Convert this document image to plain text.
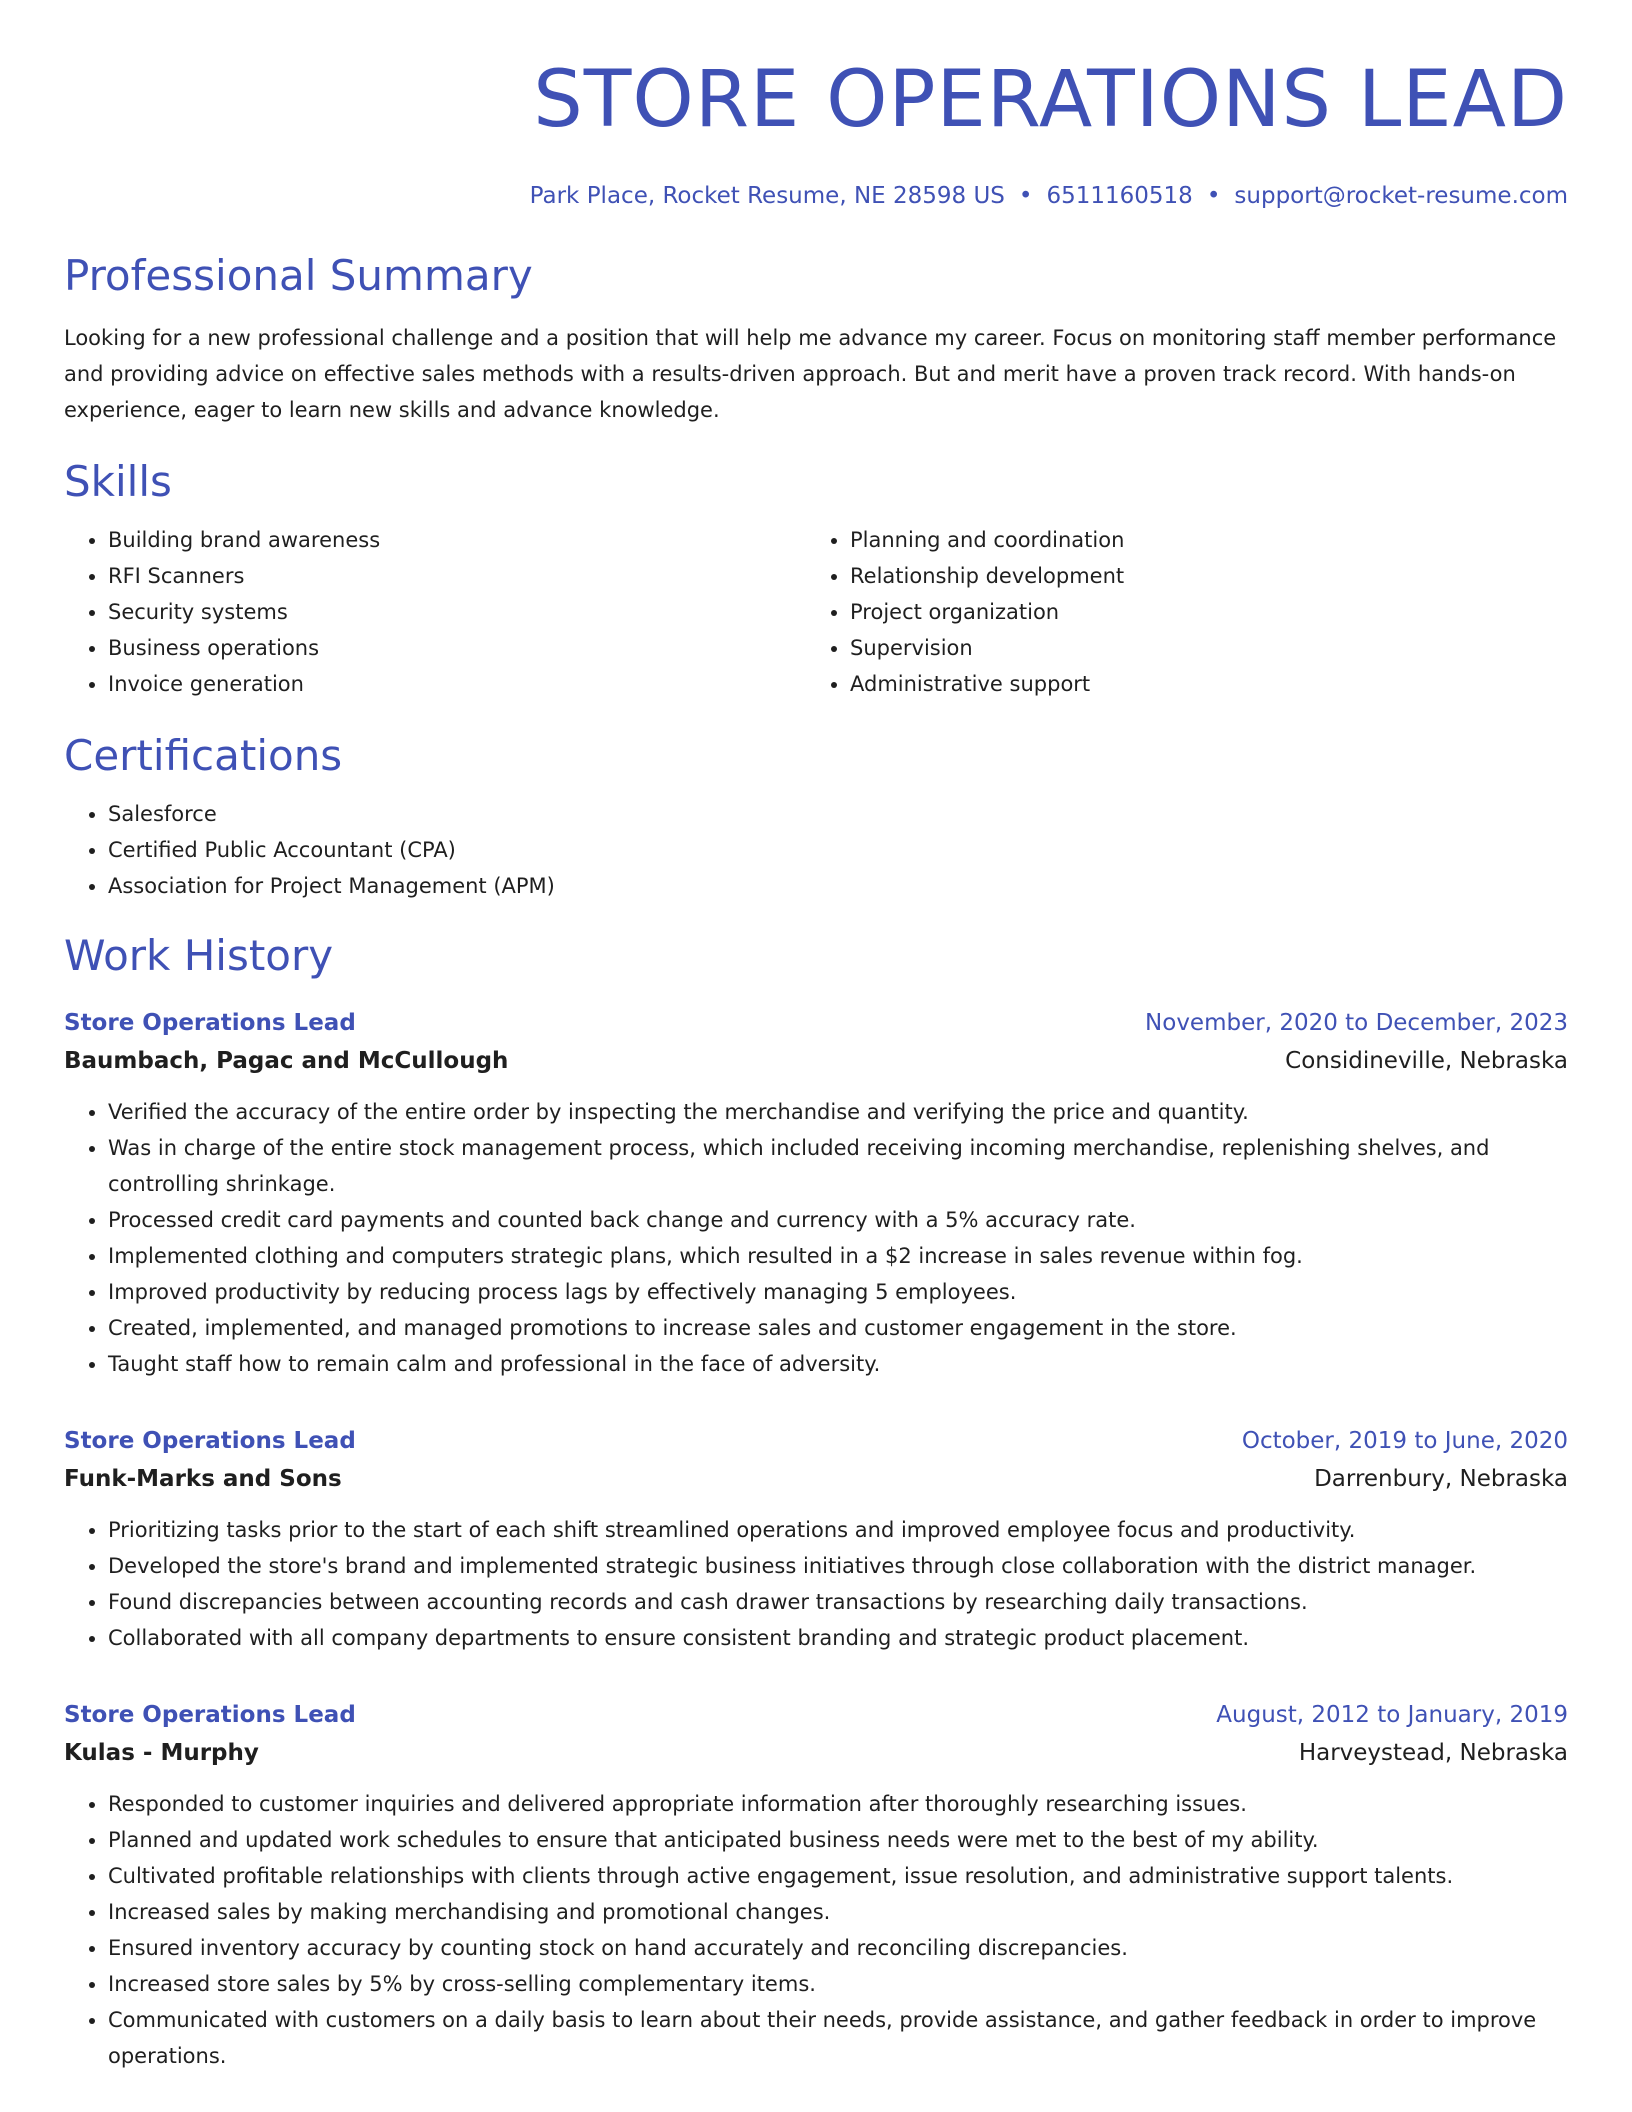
STORE OPERATIONS LEAD
Park Place, Rocket Resume, NE 28598 US • 6511160518 • support@rocket-resume.com
Professional Summary
Looking for a new professional challenge and a position that will help me advance my career. Focus on monitoring staff member performance and providing advice on effective sales methods with a results-driven approach. But and merit have a proven track record. With hands-on experience, eager to learn new skills and advance knowledge.
Skills
• Building brand awareness
• RFI Scanners
• Security systems
• Business operations
• Invoice generation
• Planning and coordination
• Relationship development
• Project organization
• Supervision
• Administrative support
Certifications
• Salesforce
• Certified Public Accountant (CPA)
• Association for Project Management (APM)
Work History
Store Operations Lead	November, 2020 to December, 2023
Baumbach, Pagac and McCullough	Considineville, Nebraska
• Verified the accuracy of the entire order by inspecting the merchandise and verifying the price and quantity.
• Was in charge of the entire stock management process, which included receiving incoming merchandise, replenishing shelves, and controlling shrinkage.
• Processed credit card payments and counted back change and currency with a 5% accuracy rate.
• Implemented clothing and computers strategic plans, which resulted in a $2 increase in sales revenue within fog.
• Improved productivity by reducing process lags by effectively managing 5 employees.
• Created, implemented, and managed promotions to increase sales and customer engagement in the store.
• Taught staff how to remain calm and professional in the face of adversity.
Store Operations Lead	October, 2019 to June, 2020
Funk-Marks and Sons	Darrenbury, Nebraska
• Prioritizing tasks prior to the start of each shift streamlined operations and improved employee focus and productivity.
• Developed the store's brand and implemented strategic business initiatives through close collaboration with the district manager.
• Found discrepancies between accounting records and cash drawer transactions by researching daily transactions.
• Collaborated with all company departments to ensure consistent branding and strategic product placement.
Store Operations Lead	August, 2012 to January, 2019
Kulas - Murphy	Harveystead, Nebraska
• Responded to customer inquiries and delivered appropriate information after thoroughly researching issues.
• Planned and updated work schedules to ensure that anticipated business needs were met to the best of my ability.
• Cultivated profitable relationships with clients through active engagement, issue resolution, and administrative support talents.
• Increased sales by making merchandising and promotional changes.
• Ensured inventory accuracy by counting stock on hand accurately and reconciling discrepancies.
• Increased store sales by 5% by cross-selling complementary items.
• Communicated with customers on a daily basis to learn about their needs, provide assistance, and gather feedback in order to improve operations.
